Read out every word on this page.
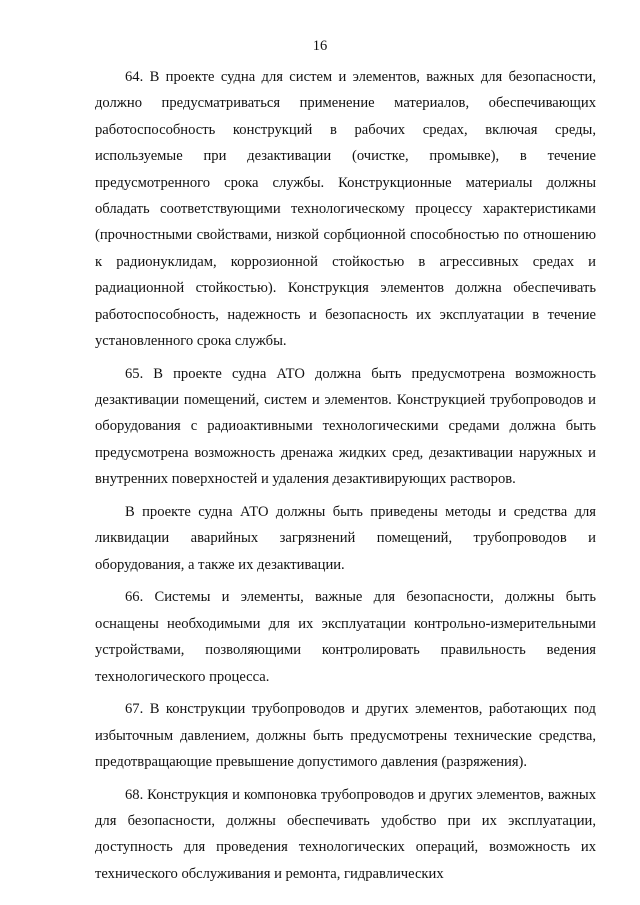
16

64. В проекте судна для систем и элементов, важных для безопасности, должно предусматриваться применение материалов, обеспечивающих работоспособность конструкций в рабочих средах, включая среды, используемые при дезактивации (очистке, промывке), в течение предусмотренного срока службы. Конструкционные материалы должны обладать соответствующими технологическому процессу характеристиками (прочностными свойствами, низкой сорбционной способностью по отношению к радионуклидам, коррозионной стойкостью в агрессивных средах и радиационной стойкостью). Конструкция элементов должна обеспечивать работоспособность, надежность и безопасность их эксплуатации в течение установленного срока службы.

65. В проекте судна АТО должна быть предусмотрена возможность дезактивации помещений, систем и элементов. Конструкцией трубопроводов и оборудования с радиоактивными технологическими средами должна быть предусмотрена возможность дренажа жидких сред, дезактивации наружных и внутренних поверхностей и удаления дезактивирующих растворов.

В проекте судна АТО должны быть приведены методы и средства для ликвидации аварийных загрязнений помещений, трубопроводов и оборудования, а также их дезактивации.

66. Системы и элементы, важные для безопасности, должны быть оснащены необходимыми для их эксплуатации контрольно-измерительными устройствами, позволяющими контролировать правильность ведения технологического процесса.

67. В конструкции трубопроводов и других элементов, работающих под избыточным давлением, должны быть предусмотрены технические средства, предотвращающие превышение допустимого давления (разряжения).

68. Конструкция и компоновка трубопроводов и других элементов, важных для безопасности, должны обеспечивать удобство при их эксплуатации, доступность для проведения технологических операций, возможность их технического обслуживания и ремонта, гидравлических
